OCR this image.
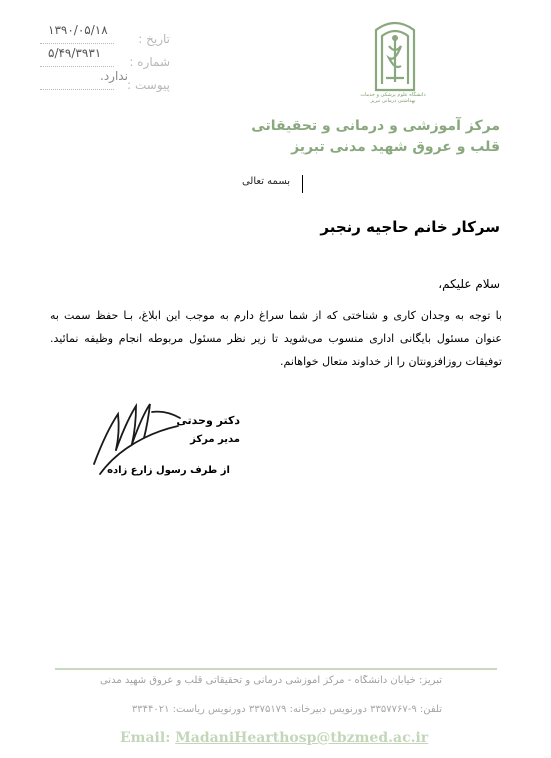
دانشگاه علوم پزشکی و خدمات بهداشتی درمانی تبریز
مرکز آموزشی و درمانی و تحقیقاتی
قلب و عروق شهید مدنی تبریز
تاریخ :
۱۳۹۰/۰۵/۱۸
شماره :
۵/۴۹/۳۹۳۱
پیوست :
ندارد.
بسمه تعالی
سرکار خانم حاجیه رنجبر
سلام علیکم،
با توجه به وجدان کاری و شناختی که از شما سراغ دارم به موجب این ابلاغ، بـا حفظ سمت به عنوان مسئول بایگانی اداری منسوب می‌شوید تا زیر نظر مسئول مربوطه انجام وظیفه نمائید. توفیقات روزافزونتان را از خداوند متعال خواهانم.
دکتر وحدتی
مدیر مرکز
از طرف رسول زارع زاده
تبریز: خیابان دانشگاه - مرکز آموزشی درمانی و تحقیقاتی قلب و عروق شهید مدنی
تلفن: ۹-۳۳۵۷۷۶۷ دورنویس دبیرخانه: ۳۳۷۵۱۷۹ دورنویس ریاست: ۳۳۴۴۰۲۱
Email: MadaniHearthosp@tbzmed.ac.ir
